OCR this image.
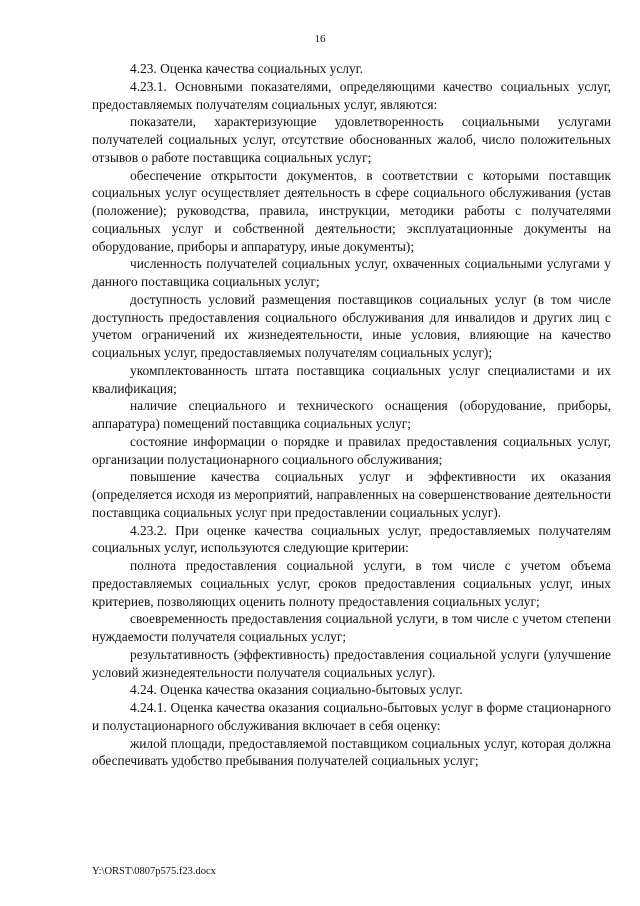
16

4.23. Оценка качества социальных услуг.

4.23.1. Основными показателями, определяющими качество социальных услуг, предоставляемых получателям социальных услуг, являются:

показатели, характеризующие удовлетворенность социальными услугами получателей социальных услуг, отсутствие обоснованных жалоб, число положительных отзывов о работе поставщика социальных услуг;

обеспечение открытости документов, в соответствии с которыми поставщик социальных услуг осуществляет деятельность в сфере социального обслуживания (устав (положение); руководства, правила, инструкции, методики работы с получателями социальных услуг и собственной деятельности; эксплуатационные документы на оборудование, приборы и аппаратуру, иные документы);

численность получателей социальных услуг, охваченных социальными услугами у данного поставщика социальных услуг;

доступность условий размещения поставщиков социальных услуг (в том числе доступность предоставления социального обслуживания для инвалидов и других лиц с учетом ограничений их жизнедеятельности, иные условия, влияющие на качество социальных услуг, предоставляемых получателям социальных услуг);

укомплектованность штата поставщика социальных услуг специалистами и их квалификация;

наличие специального и технического оснащения (оборудование, приборы, аппаратура) помещений поставщика социальных услуг;

состояние информации о порядке и правилах предоставления социальных услуг, организации полустационарного социального обслуживания;

повышение качества социальных услуг и эффективности их оказания (определяется исходя из мероприятий, направленных на совершенствование деятельности поставщика социальных услуг при предоставлении социальных услуг).

4.23.2. При оценке качества социальных услуг, предоставляемых получателям социальных услуг, используются следующие критерии:

полнота предоставления социальной услуги, в том числе с учетом объема предоставляемых социальных услуг, сроков предоставления социальных услуг, иных критериев, позволяющих оценить полноту предоставления социальных услуг;

своевременность предоставления социальной услуги, в том числе с учетом степени нуждаемости получателя социальных услуг;

результативность (эффективность) предоставления социальной услуги (улучшение условий жизнедеятельности получателя социальных услуг).

4.24. Оценка качества оказания социально-бытовых услуг.

4.24.1. Оценка качества оказания социально-бытовых услуг в форме стационарного и полустационарного обслуживания включает в себя оценку:

жилой площади, предоставляемой поставщиком социальных услуг, которая должна обеспечивать удобство пребывания получателей социальных услуг;

Y:\ORST\0807p575.f23.docx
